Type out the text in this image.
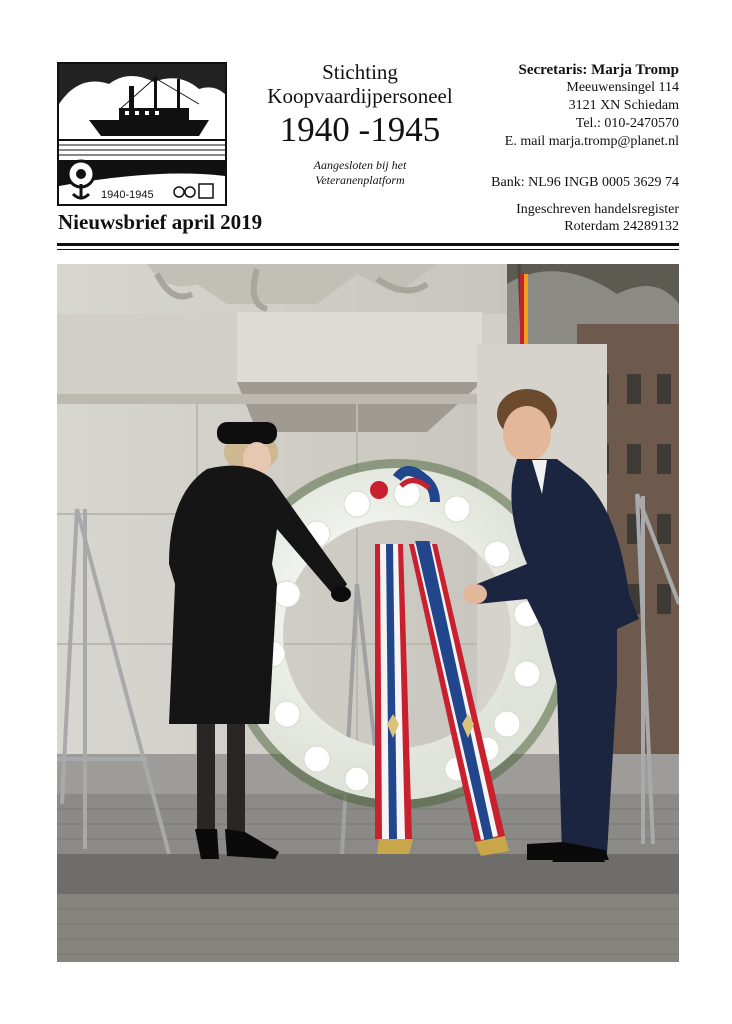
1940-1945
Stichting
Koopvaardijpersoneel
1940 -1945
Aangesloten bij het
Veteranenplatform
Nieuwsbrief april 2019
Secretaris: Marja Tromp
Meeuwensingel 114
3121 XN Schiedam
Tel.: 010-2470570
E. mail marja.tromp@planet.nl
Bank: NL96 INGB 0005 3629 74
Ingeschreven handelsregister
Roterdam 24289132
